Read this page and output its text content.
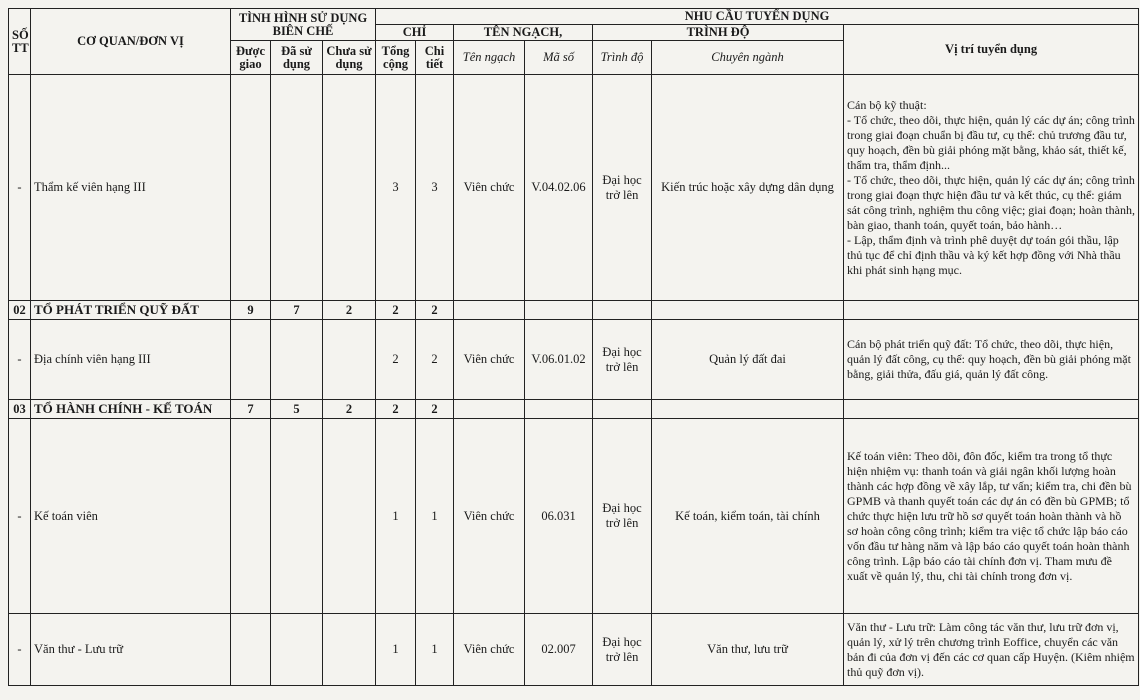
SỐ TT	CƠ QUAN/ĐƠN VỊ	TÌNH HÌNH SỬ DỤNG BIÊN CHẾ			NHU CẦU TUYỂN DỤNG						
					CHỈ		TÊN NGẠCH,		TRÌNH ĐỘ		Vị trí tuyển dụng
		Được giao	Đã sử dụng	Chưa sử dụng	Tổng cộng	Chi tiết	Tên ngạch	Mã số	Trình độ	Chuyên ngành	
-	Thẩm kế viên hạng III				3	3	Viên chức	V.04.02.06	Đại học trở lên	Kiến trúc hoặc xây dựng dân dụng	Cán bộ kỹ thuật:
- Tổ chức, theo dõi, thực hiện, quản lý các dự án; công trình trong giai đoạn chuẩn bị đầu tư, cụ thể: chủ trương đầu tư, quy hoạch, đền bù giải phóng mặt bằng, khảo sát, thiết kế, thẩm tra, thẩm định...
- Tổ chức, theo dõi, thực hiện, quản lý các dự án; công trình trong giai đoạn thực hiện đầu tư và kết thúc, cụ thể: giám sát công trình, nghiệm thu công việc; giai đoạn; hoàn thành, bàn giao, thanh toán, quyết toán, bảo hành…
- Lập, thẩm định và trình phê duyệt dự toán gói thầu, lập thủ tục để chỉ định thầu và ký kết hợp đồng với Nhà thầu khi phát sinh hạng mục.

02	TỔ PHÁT TRIỂN QUỸ ĐẤT	9	7	2	2	2					
-	Địa chính viên hạng III				2	2	Viên chức	V.06.01.02	Đại học trở lên	Quản lý đất đai	Cán bộ phát triển quỹ đất: Tổ chức, theo dõi, thực hiện, quản lý đất công, cụ thể: quy hoạch, đền bù giải phóng mặt bằng, giải thửa, đấu giá, quản lý đất công.

03	TỔ HÀNH CHÍNH - KẾ TOÁN	7	5	2	2	2					
-	Kế toán viên				1	1	Viên chức	06.031	Đại học trở lên	Kế toán, kiểm toán, tài chính	Kế toán viên: Theo dõi, đôn đốc, kiểm tra trong tổ thực hiện nhiệm vụ: thanh toán và giải ngân khối lượng hoàn thành các hợp đồng về xây lắp, tư vấn; kiểm tra, chi đền bù GPMB và thanh quyết toán các dự án có đền bù GPMB; tổ chức thực hiện lưu trữ hồ sơ quyết toán hoàn thành và hồ sơ hoàn công công trình; kiểm tra việc tổ chức lập báo cáo vốn đầu tư hàng năm và lập báo cáo quyết toán hoàn thành công trình. Lập báo cáo tài chính đơn vị. Tham mưu đề xuất về quản lý, thu, chi tài chính trong đơn vị.

-	Văn thư - Lưu trữ				1	1	Viên chức	02.007	Đại học trở lên	Văn thư, lưu trữ	Văn thư - Lưu trữ: Làm công tác văn thư, lưu trữ đơn vị, quản lý, xử lý trên chương trình Eoffice, chuyển các văn bản đi của đơn vị đến các cơ quan cấp Huyện. (Kiêm nhiệm thủ quỹ đơn vị).
